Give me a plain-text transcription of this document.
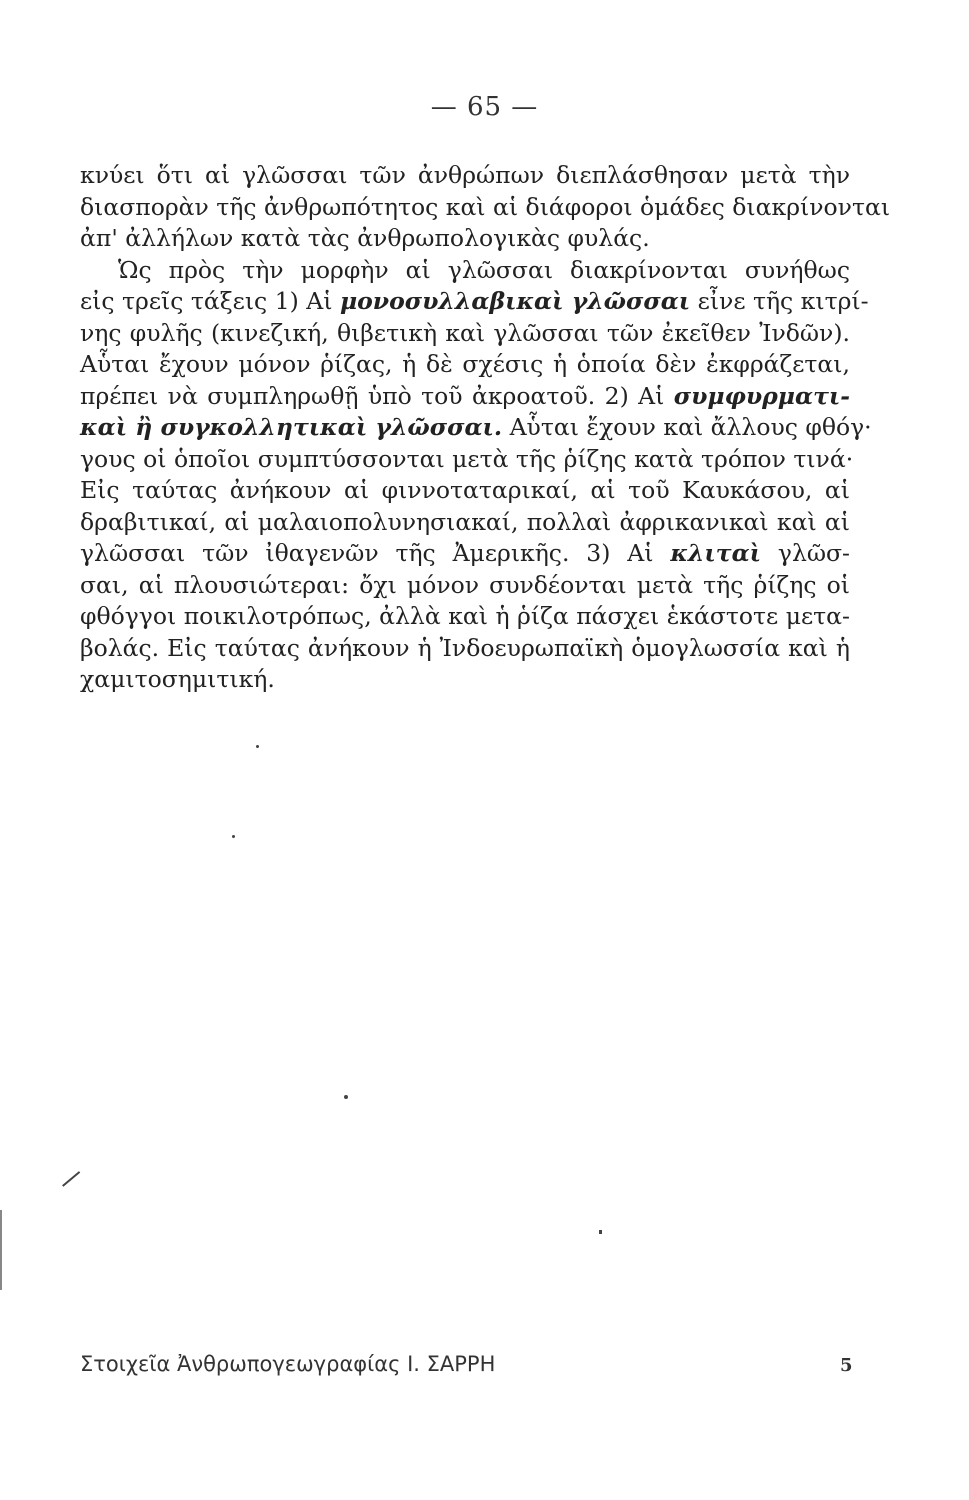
— 65 —
κνύει ὅτι αἱ γλῶσσαι τῶν ἀνθρώπων διεπλάσθησαν μετὰ τὴν
διασπορὰν τῆς ἀνθρωπότητος καὶ αἱ διάφοροι ὁμάδες διακρίνονται
ἀπ' ἀλλήλων κατὰ τὰς ἀνθρωπολογικὰς φυλάς.
Ὡς πρὸς τὴν μορφὴν αἱ γλῶσσαι διακρίνονται συνήθως
εἰς τρεῖς τάξεις 1) Αἱ μονοσυλλαβικαὶ γλῶσσαι εἶνε τῆς κιτρί-
νης φυλῆς (κινεζική, θιβετικὴ καὶ γλῶσσαι τῶν ἐκεῖθεν Ἰνδῶν).
Αὗται ἔχουν μόνον ῥίζας, ἡ δὲ σχέσις ἡ ὁποία δὲν ἐκφράζεται,
πρέπει νὰ συμπληρωθῇ ὑπὸ τοῦ ἀκροατοῦ. 2) Αἱ συμφυρματι-
καὶ ἢ συγκολλητικαὶ γλῶσσαι. Αὗται ἔχουν καὶ ἄλλους φθόγ·
γους οἱ ὁποῖοι συμπτύσσονται μετὰ τῆς ῥίζης κατὰ τρόπον τινά·
Εἰς ταύτας ἀνήκουν αἱ φιννοταταρικαί, αἱ τοῦ Καυκάσου, αἱ
δραβιτικαί, αἱ μαλαιοπολυνησιακαί, πολλαὶ ἀφρικανικαὶ καὶ αἱ
γλῶσσαι τῶν ἰθαγενῶν τῆς Ἀμερικῆς. 3) Αἱ κλιταὶ γλῶσ-
σαι, αἱ πλουσιώτεραι: ὄχι μόνον συνδέονται μετὰ τῆς ῥίζης οἱ
φθόγγοι ποικιλοτρόπως, ἀλλὰ καὶ ἡ ῥίζα πάσχει ἑκάστοτε μετα-
βολάς. Εἰς ταύτας ἀνήκουν ἡ Ἰνδοευρωπαϊκὴ ὁμογλωσσία καὶ ἡ
χαμιτοσημιτική.
Στοιχεῖα Ἀνθρωπογεωγραφίας Ι. ΣΑΡΡΗ	5
